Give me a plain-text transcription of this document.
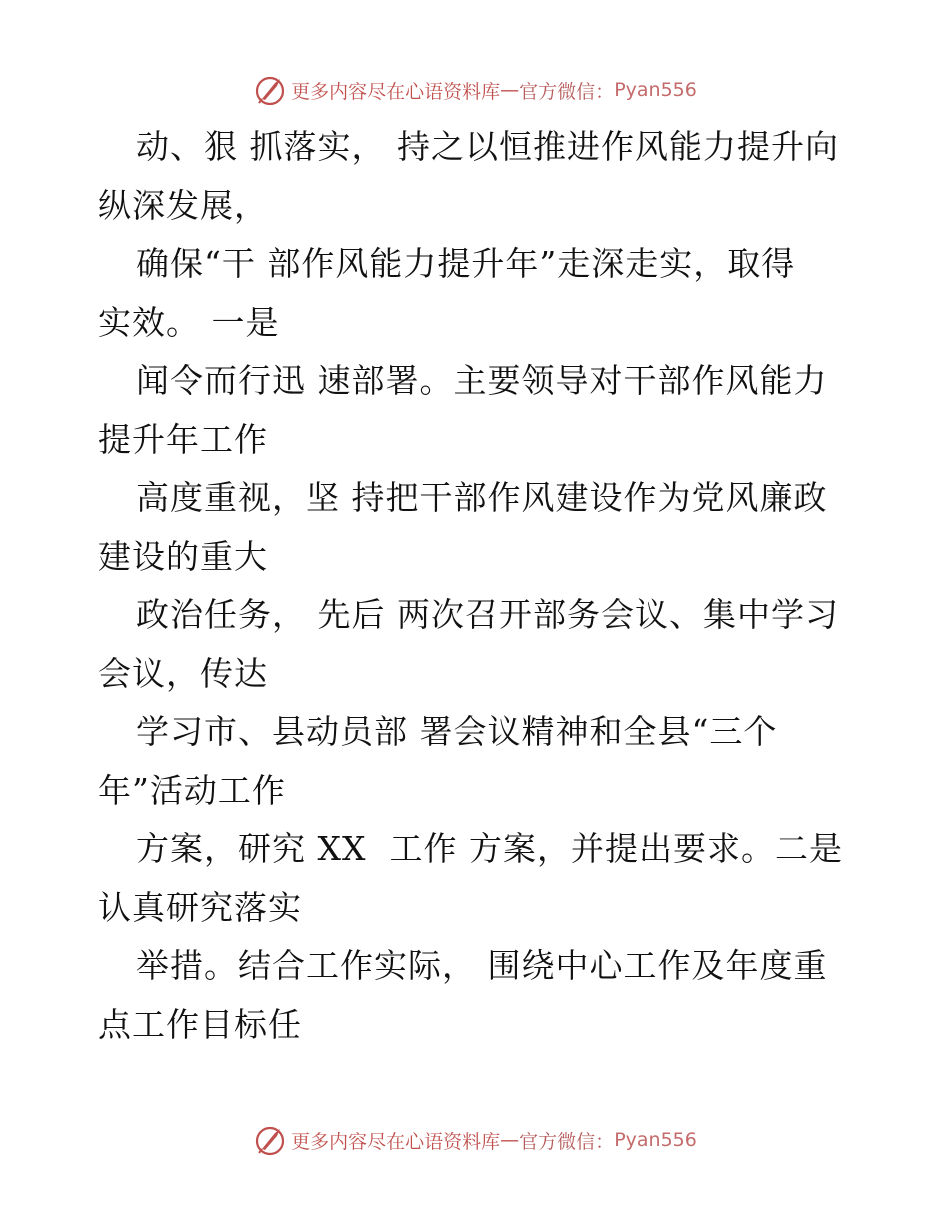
更多内容尽在心语资料库 — 官方微信： Pyan556
动、狠 抓落实， 持之以恒推进作风能力提升向
纵深发展，
确保“干 部作风能力提升年”走深走实，取得
实效。 一是
闻令而行迅 速部署。主要领导对干部作风能力
提升年工作
高度重视，坚 持把干部作风建设作为党风廉政
建设的重大
政治任务， 先后 两次召开部务会议、集中学习
会议，传达
学习市、县动员部 署会议精神和全县“三个
年”活动工作
方案，研究 XX  工作 方案，并提出要求。二是
认真研究落实
举措。结合工作实际， 围绕中心工作及年度重
点工作目标任
更多内容尽在心语资料库 — 官方微信： Pyan556
